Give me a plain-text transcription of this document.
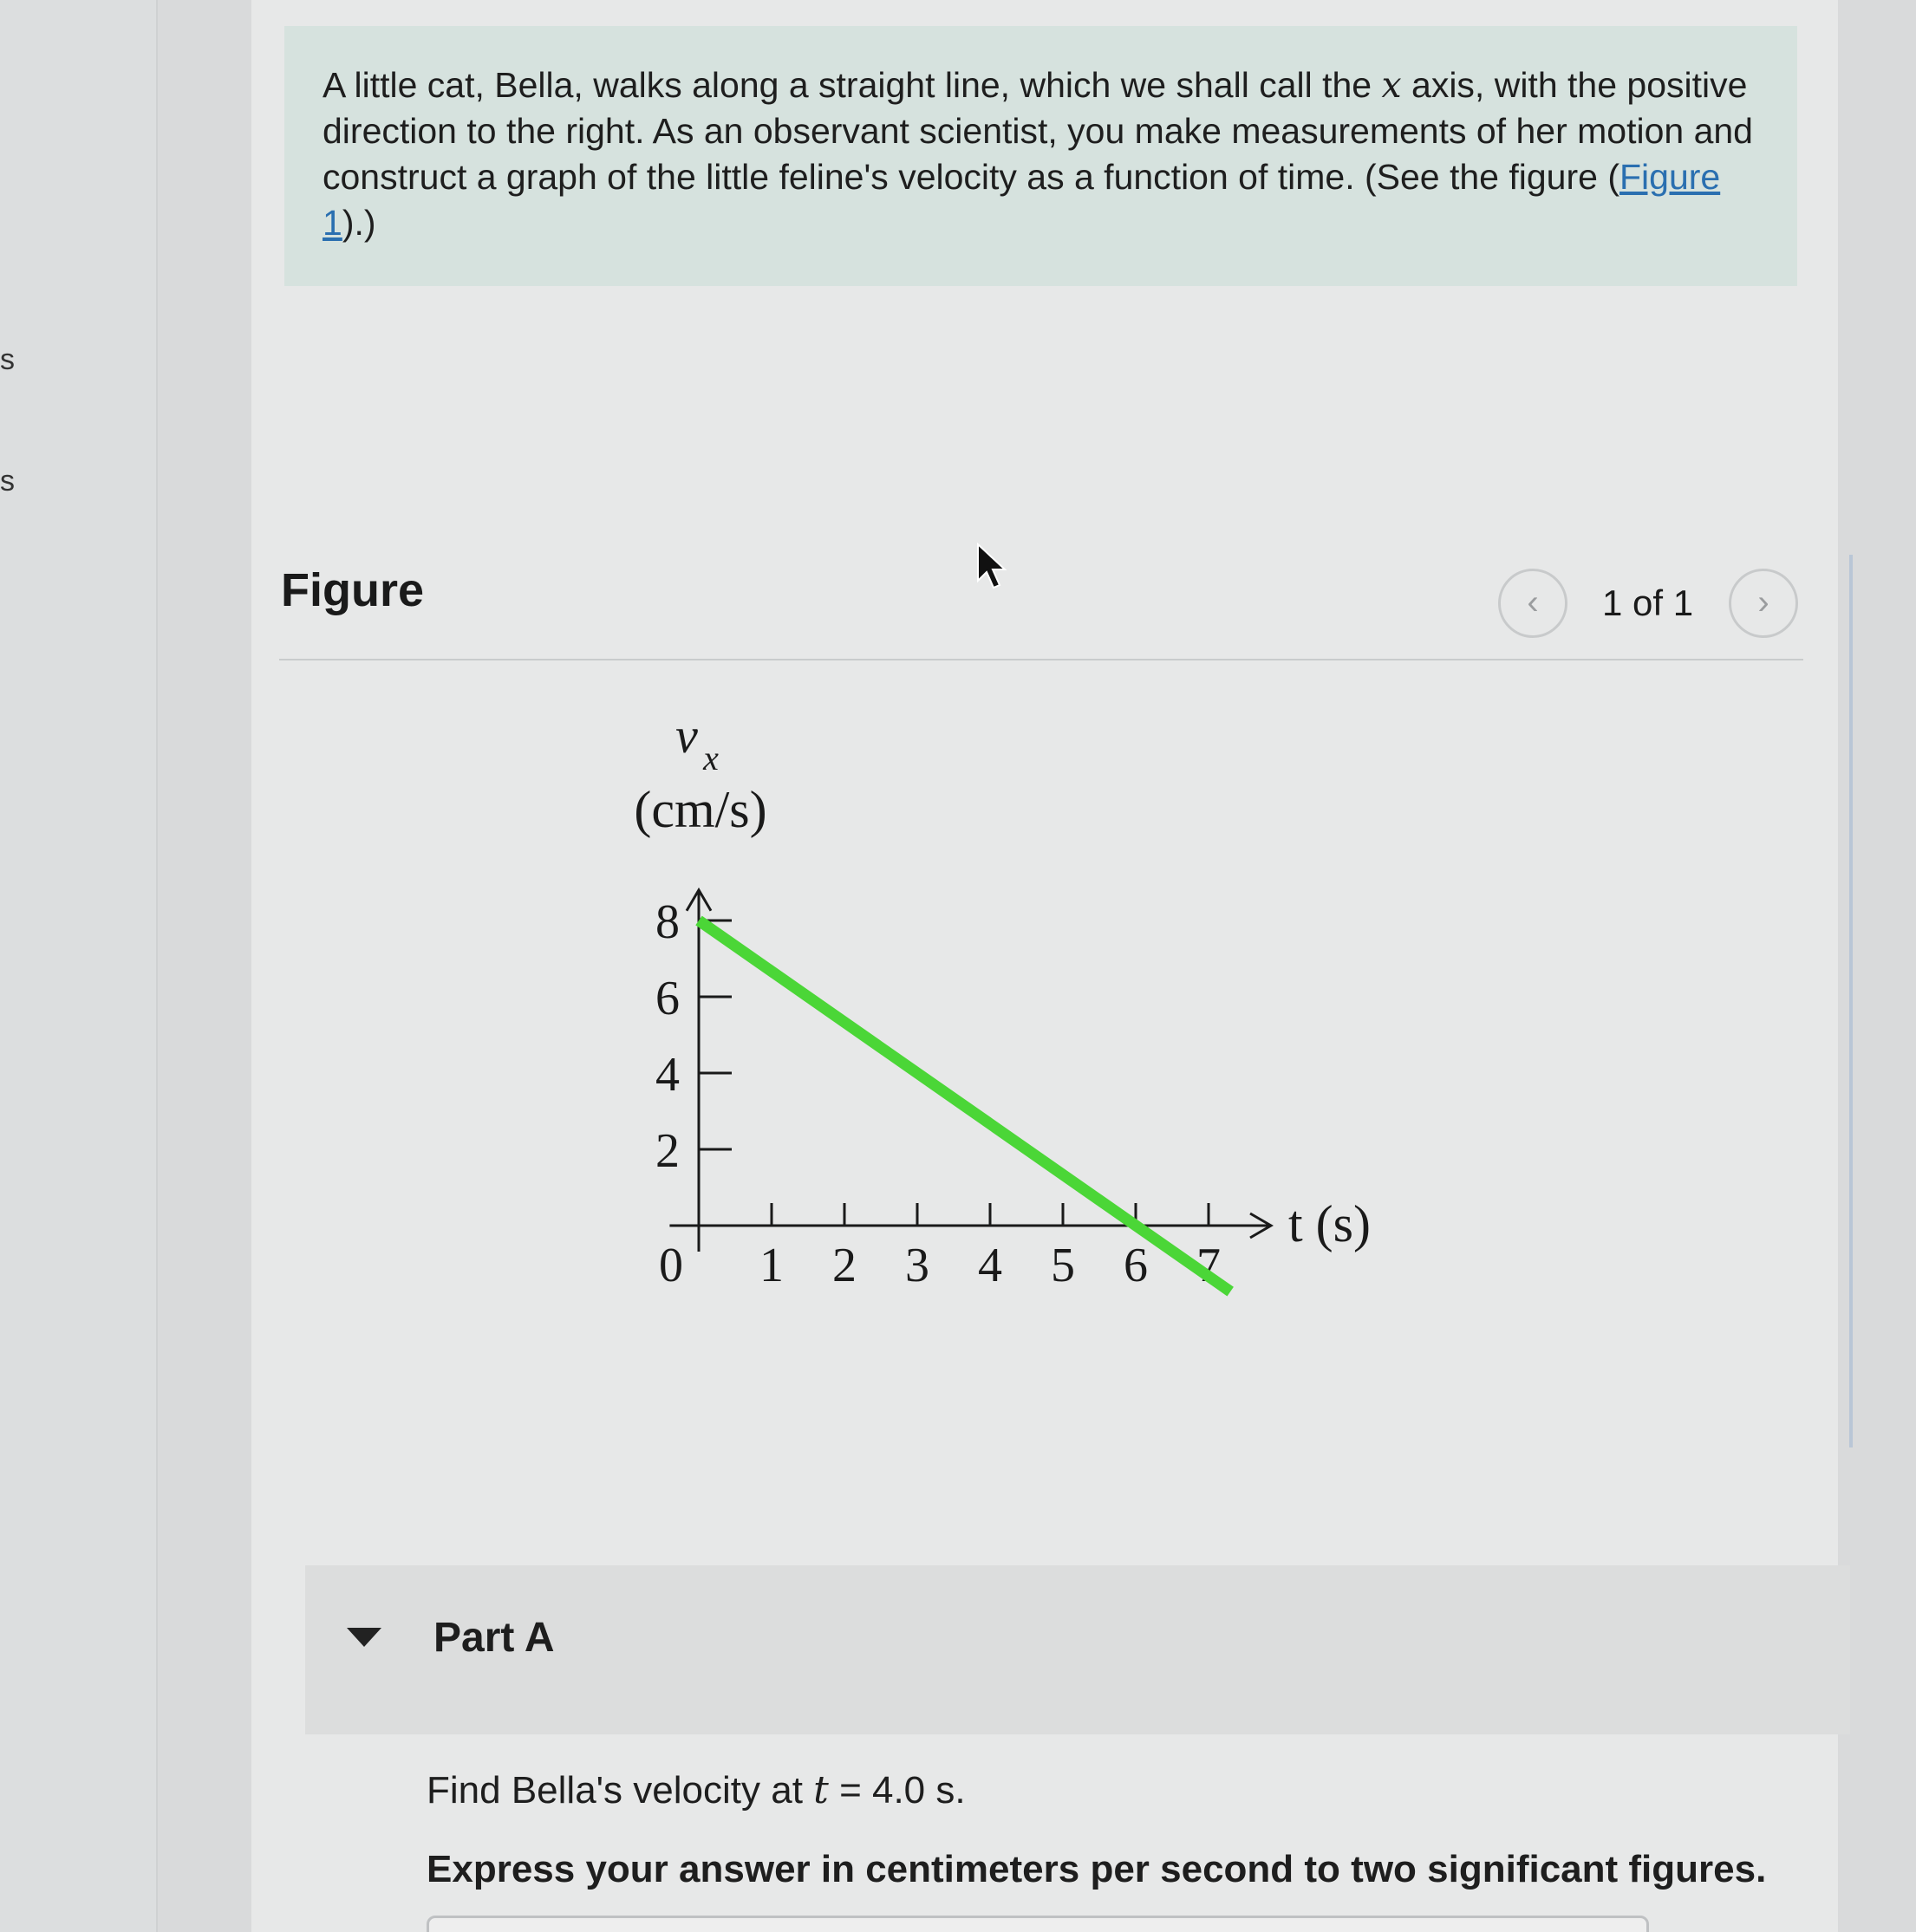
s
s
A little cat, Bella, walks along a straight line, which we shall call the x axis, with the positive direction to the right. As an observant scientist, you make measurements of her motion and construct a graph of the little feline's velocity as a function of time. (See the figure (Figure 1).)
Figure	‹	1 of 1	›
1 2 3 4 5 6 7
2
4
6
8
0
v x
(cm/s)
t (s)
Part A
Find Bella's velocity at t = 4.0 s.
Express your answer in centimeters per second to two significant figures.
